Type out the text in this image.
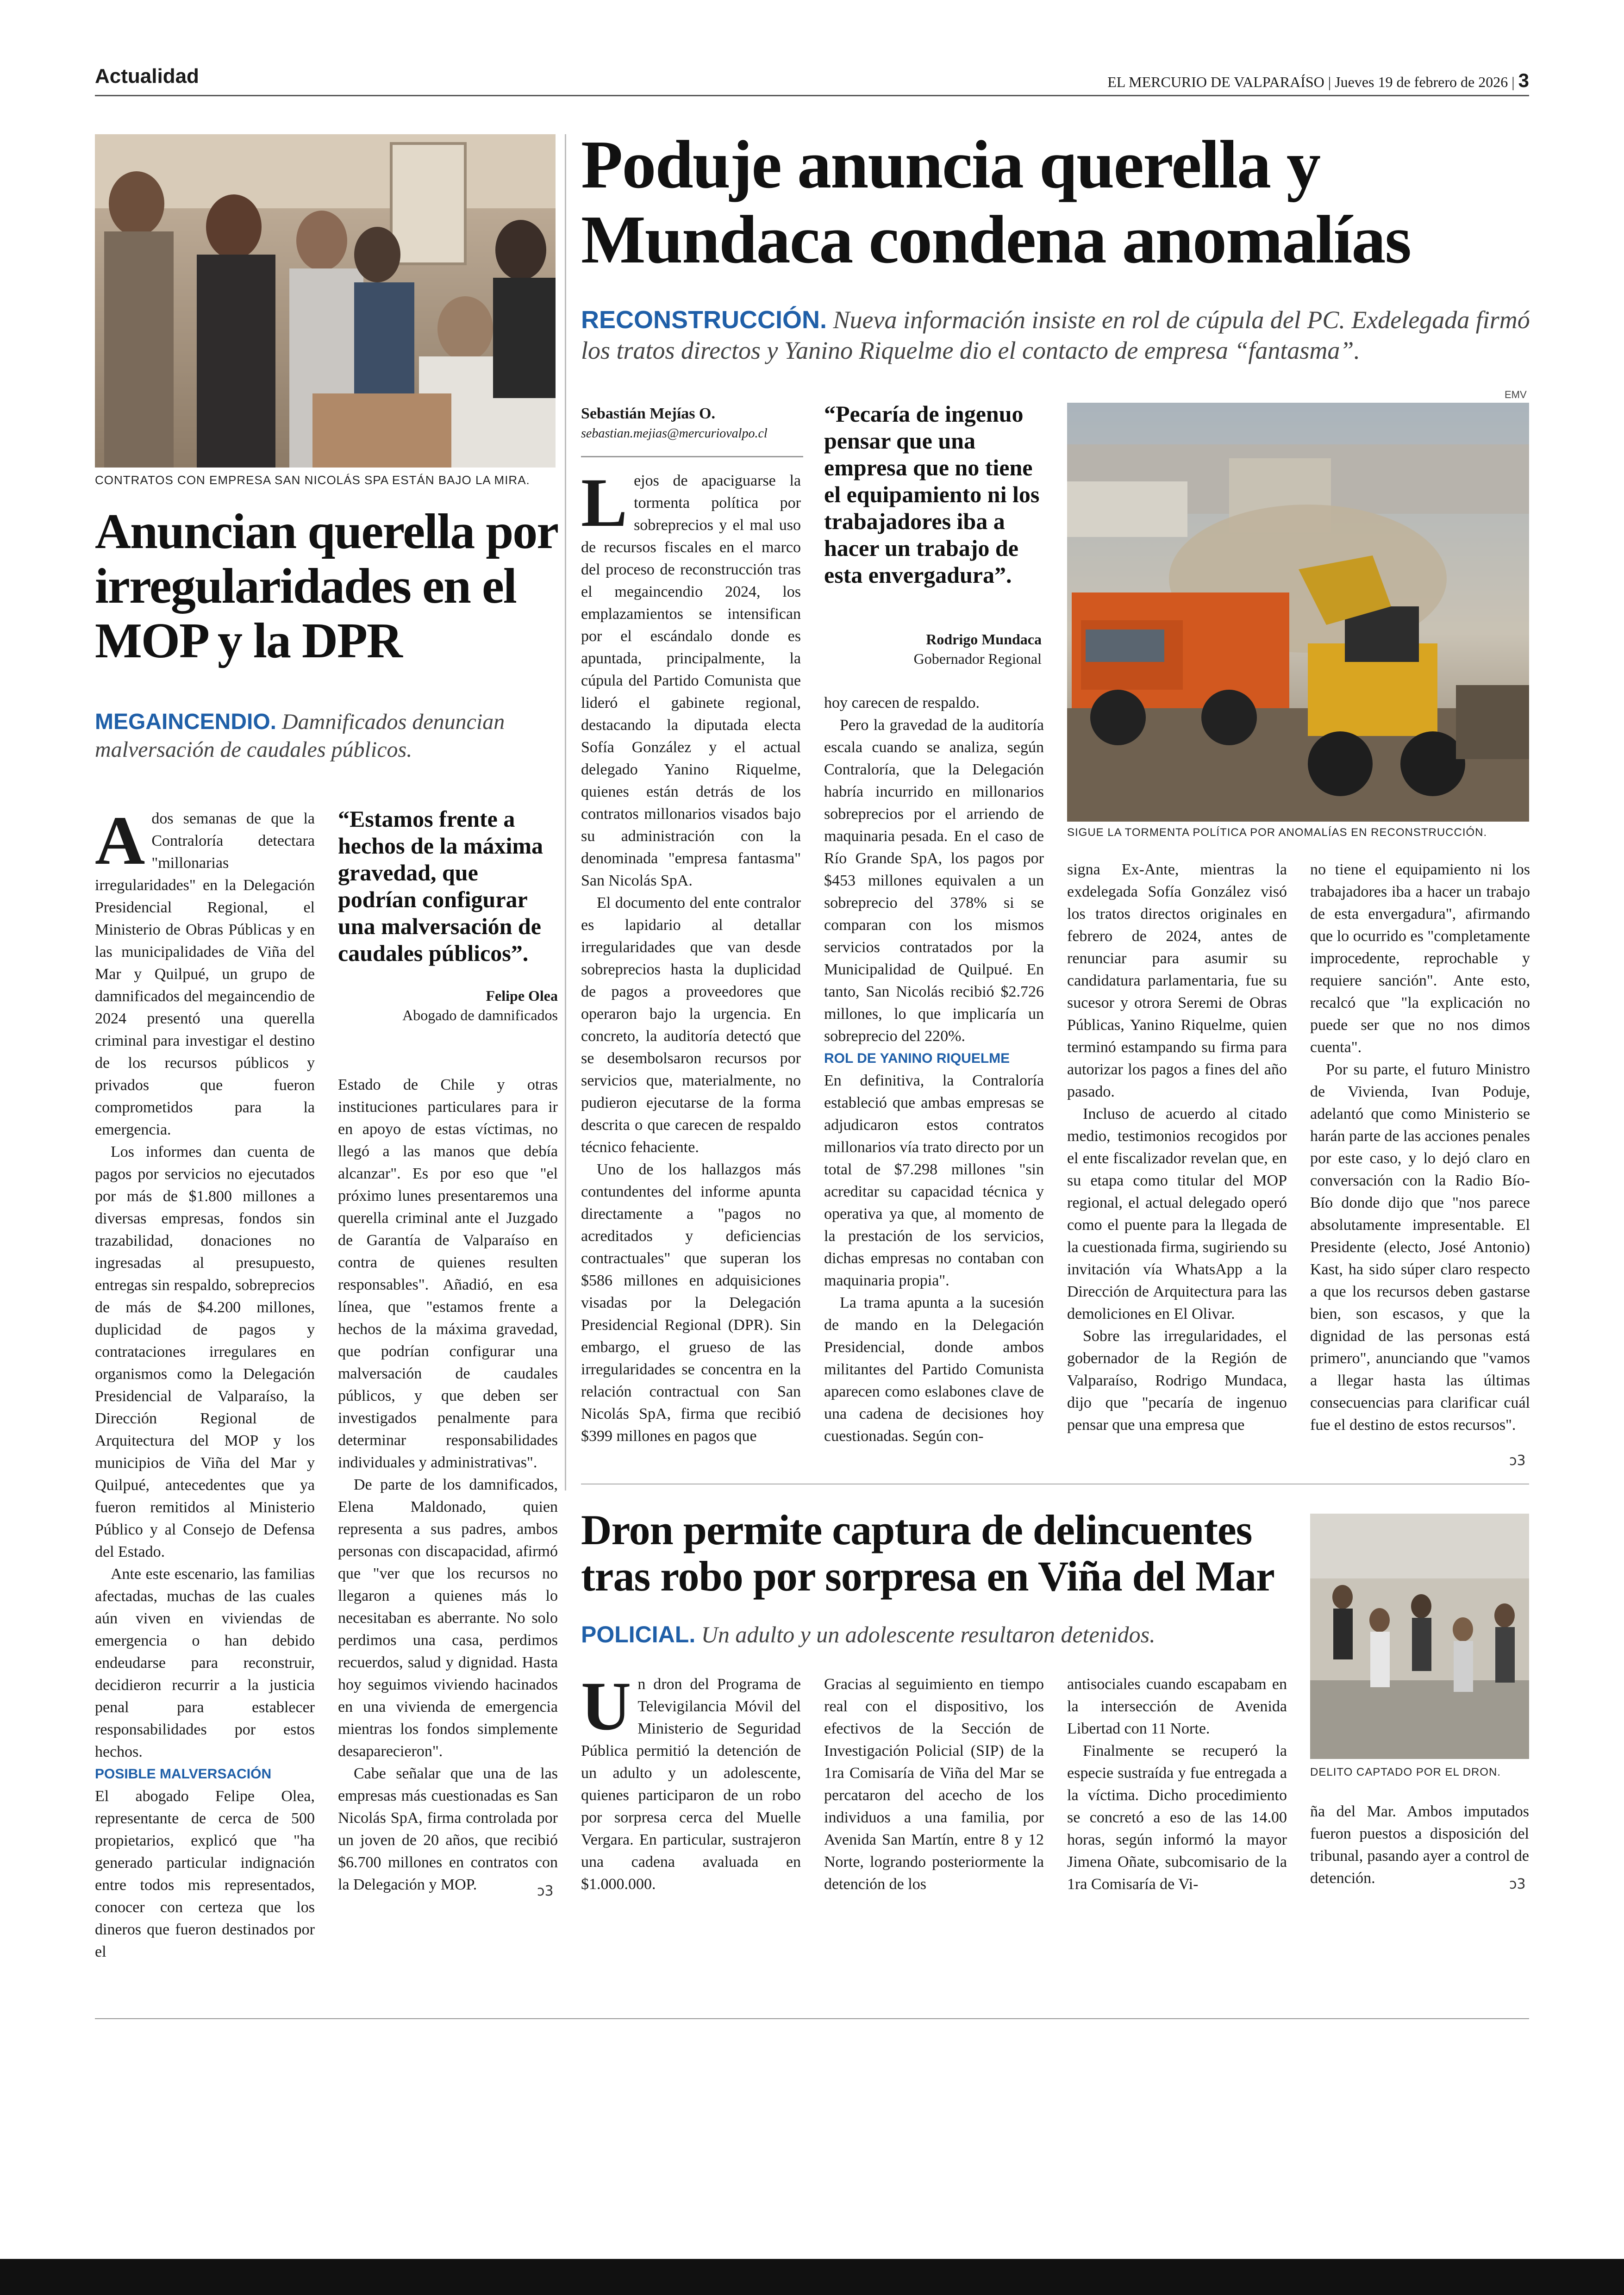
Actualidad	EL MERCURIO DE VALPARAÍSO | Jueves 19 de febrero de 2026 | 3
CONTRATOS CON EMPRESA SAN NICOLÁS SPA ESTÁN BAJO LA MIRA.
Anuncian querella por irregularidades en el MOP y la DPR
MEGAINCENDIO. Damnificados denuncian malversación de caudales públicos.

Ados semanas de que la Contraloría detectara "millonarias irregularidades" en la Delegación Presidencial Regional, el Ministerio de Obras Públicas y en las municipalidades de Viña del Mar y Quilpué, un grupo de damnificados del megaincendio de 2024 presentó una querella criminal para investigar el destino de los recursos públicos y privados que fueron comprometidos para la emergencia.

Los informes dan cuenta de pagos por servicios no ejecutados por más de $1.800 millones a diversas empresas, fondos sin trazabilidad, donaciones no ingresadas al presupuesto, entregas sin respaldo, sobreprecios de más de $4.200 millones, duplicidad de pagos y contrataciones irregulares en organismos como la Delegación Presidencial de Valparaíso, la Dirección Regional de Arquitectura del MOP y los municipios de Viña del Mar y Quilpué, antecedentes que ya fueron remitidos al Ministerio Público y al Consejo de Defensa del Estado.

Ante este escenario, las familias afectadas, muchas de las cuales aún viven en viviendas de emergencia o han debido endeudarse para reconstruir, decidieron recurrir a la justicia penal para establecer responsabilidades por estos hechos.

POSIBLE MALVERSACIÓN

El abogado Felipe Olea, representante de cerca de 500 propietarios, explicó que "ha generado particular indignación entre todos mis representados, conocer con certeza que los dineros que fueron destinados por el

“Estamos frente a hechos de la máxima gravedad, que podrían configurar una malversación de caudales públicos”.
Felipe Olea
Abogado de damnificados

Estado de Chile y otras instituciones particulares para ir en apoyo de estas víctimas, no llegó a las manos que debía alcanzar". Es por eso que "el próximo lunes presentaremos una querella criminal ante el Juzgado de Garantía de Valparaíso en contra de quienes resulten responsables". Añadió, en esa línea, que "estamos frente a hechos de la máxima gravedad, que podrían configurar una malversación de caudales públicos, y que deben ser investigados penalmente para determinar responsabilidades individuales y administrativas".

De parte de los damnificados, Elena Maldonado, quien representa a sus padres, ambos personas con discapacidad, afirmó que "ver que los recursos no llegaron a quienes más lo necesitaban es aberrante. No solo perdimos una casa, perdimos recuerdos, salud y dignidad. Hasta hoy seguimos viviendo hacinados en una vivienda de emergencia mientras los fondos simplemente desaparecieron".

Cabe señalar que una de las empresas más cuestionadas es San Nicolás SpA, firma controlada por un joven de 20 años, que recibió $6.700 millones en contratos con la Delegación y MOP.	ↄ3
Poduje anuncia querella y Mundaca condena anomalías
RECONSTRUCCIÓN. Nueva información insiste en rol de cúpula del PC. Exdelegada firmó los tratos directos y Yanino Riquelme dio el contacto de empresa “fantasma”.
Sebastián Mejías O.
sebastian.mejias@mercuriovalpo.cl

Lejos de apaciguarse la tormenta política por sobreprecios y el mal uso de recursos fiscales en el marco del proceso de reconstrucción tras el megaincendio 2024, los emplazamientos se intensifican por el escándalo donde es apuntada, principalmente, la cúpula del Partido Comunista que lideró el gabinete regional, destacando la diputada electa Sofía González y el actual delegado Yanino Riquelme, quienes están detrás de los contratos millonarios visados bajo su administración con la denominada "empresa fantasma" San Nicolás SpA.

El documento del ente contralor es lapidario al detallar irregularidades que van desde sobreprecios hasta la duplicidad de pagos a proveedores que operaron bajo la urgencia. En concreto, la auditoría detectó que se desembolsaron recursos por servicios que, materialmente, no pudieron ejecutarse de la forma descrita o que carecen de respaldo técnico fehaciente.

Uno de los hallazgos más contundentes del informe apunta directamente a "pagos no acreditados y deficiencias contractuales" que superan los $586 millones en adquisiciones visadas por la Delegación Presidencial Regional (DPR). Sin embargo, el grueso de las irregularidades se concentra en la relación contractual con San Nicolás SpA, firma que recibió $399 millones en pagos que

“Pecaría de ingenuo pensar que una empresa que no tiene el equipamiento ni los trabajadores iba a hacer un trabajo de esta envergadura”.
Rodrigo Mundaca
Gobernador Regional

hoy carecen de respaldo.

Pero la gravedad de la auditoría escala cuando se analiza, según Contraloría, que la Delegación habría incurrido en millonarios sobreprecios por el arriendo de maquinaria pesada. En el caso de Río Grande SpA, los pagos por $453 millones equivalen a un sobreprecio del 378% si se comparan con los mismos servicios contratados por la Municipalidad de Quilpué. En tanto, San Nicolás recibió $2.726 millones, lo que implicaría un sobreprecio del 220%.

ROL DE YANINO RIQUELME

En definitiva, la Contraloría estableció que ambas empresas se adjudicaron estos contratos millonarios vía trato directo por un total de $7.298 millones "sin acreditar su capacidad técnica y operativa ya que, al momento de la prestación de los servicios, dichas empresas no contaban con maquinaria propia".

La trama apunta a la sucesión de mando en la Delegación Presidencial, donde ambos militantes del Partido Comunista aparecen como eslabones clave de una cadena de decisiones hoy cuestionadas. Según con-

EMV
SIGUE LA TORMENTA POLÍTICA POR ANOMALÍAS EN RECONSTRUCCIÓN.

signa Ex-Ante, mientras la exdelegada Sofía González visó los tratos directos originales en febrero de 2024, antes de renunciar para asumir su candidatura parlamentaria, fue su sucesor y otrora Seremi de Obras Públicas, Yanino Riquelme, quien terminó estampando su firma para autorizar los pagos a fines del año pasado.

Incluso de acuerdo al citado medio, testimonios recogidos por el ente fiscalizador revelan que, en su etapa como titular del MOP regional, el actual delegado operó como el puente para la llegada de la cuestionada firma, sugiriendo su invitación vía WhatsApp a la Dirección de Arquitectura para las demoliciones en El Olivar.

Sobre las irregularidades, el gobernador de la Región de Valparaíso, Rodrigo Mundaca, dijo que "pecaría de ingenuo pensar que una empresa que

no tiene el equipamiento ni los trabajadores iba a hacer un trabajo de esta envergadura", afirmando que lo ocurrido es "completamente improcedente, reprochable y requiere sanción". Ante esto, recalcó que "la explicación no puede ser que no nos dimos cuenta".

Por su parte, el futuro Ministro de Vivienda, Ivan Poduje, adelantó que como Ministerio se harán parte de las acciones penales por este caso, y lo dejó claro en conversación con la Radio Bío-Bío donde dijo que "nos parece absolutamente impresentable. El Presidente (electo, José Antonio) Kast, ha sido súper claro respecto a que los recursos deben gastarse bien, son escasos, y que la dignidad de las personas está primero", anunciando que "vamos a llegar hasta las últimas consecuencias para clarificar cuál fue el destino de estos recursos".

ↄ3
Dron permite captura de delincuentes tras robo por sorpresa en Viña del Mar
POLICIAL. Un adulto y un adolescente resultaron detenidos.

Un dron del Programa de Televigilancia Móvil del Ministerio de Seguridad Pública permitió la detención de un adulto y un adolescente, quienes participaron de un robo por sorpresa cerca del Muelle Vergara. En particular, sustrajeron una cadena avaluada en $1.000.000.

Gracias al seguimiento en tiempo real con el dispositivo, los efectivos de la Sección de Investigación Policial (SIP) de la 1ra Comisaría de Viña del Mar se percataron del acecho de los individuos a una familia, por Avenida San Martín, entre 8 y 12 Norte, logrando posteriormente la detención de los

antisociales cuando escapabam en la intersección de Avenida Libertad con 11 Norte.

Finalmente se recuperó la especie sustraída y fue entregada a la víctima. Dicho procedimiento se concretó a eso de las 14.00 horas, según informó la mayor Jimena Oñate, subcomisario de la 1ra Comisaría de Vi-

DELITO CAPTADO POR EL DRON.

ña del Mar. Ambos imputados fueron puestos a disposición del tribunal, pasando ayer a control de detención.	ↄ3
